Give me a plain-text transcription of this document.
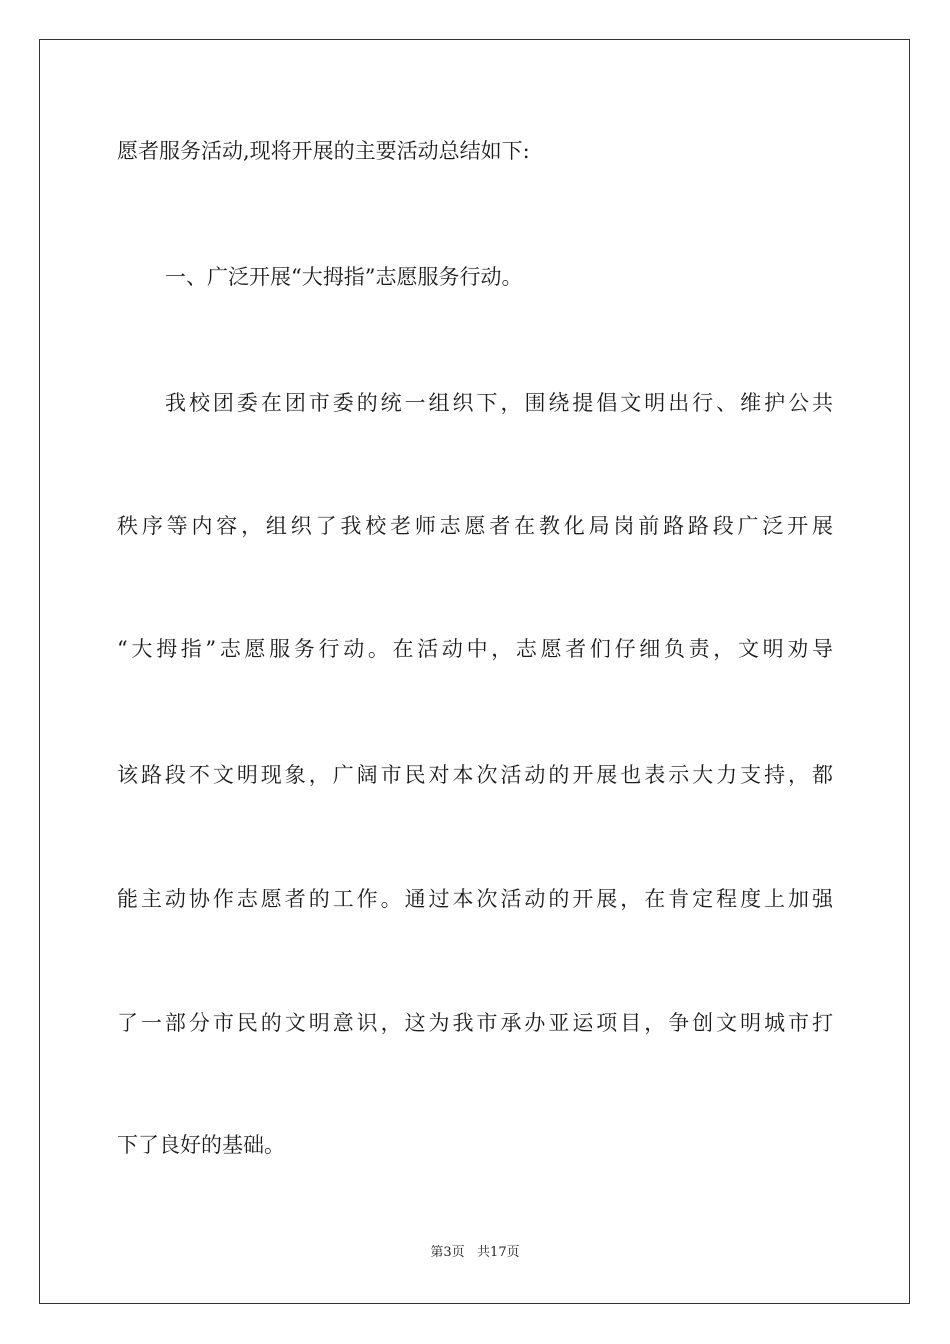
愿者服务活动,现将开展的主要活动总结如下:
一、广泛开展“大拇指”志愿服务行动。
我校团委在团市委的统一组织下，围绕提倡文明出行、维护公共
秩序等内容，组织了我校老师志愿者在教化局岗前路路段广泛开展
“大拇指”志愿服务行动。在活动中，志愿者们仔细负责，文明劝导
该路段不文明现象，广阔市民对本次活动的开展也表示大力支持，都
能主动协作志愿者的工作。通过本次活动的开展，在肯定程度上加强
了一部分市民的文明意识，这为我市承办亚运项目，争创文明城市打
下了良好的基础。
第3页   共17页
